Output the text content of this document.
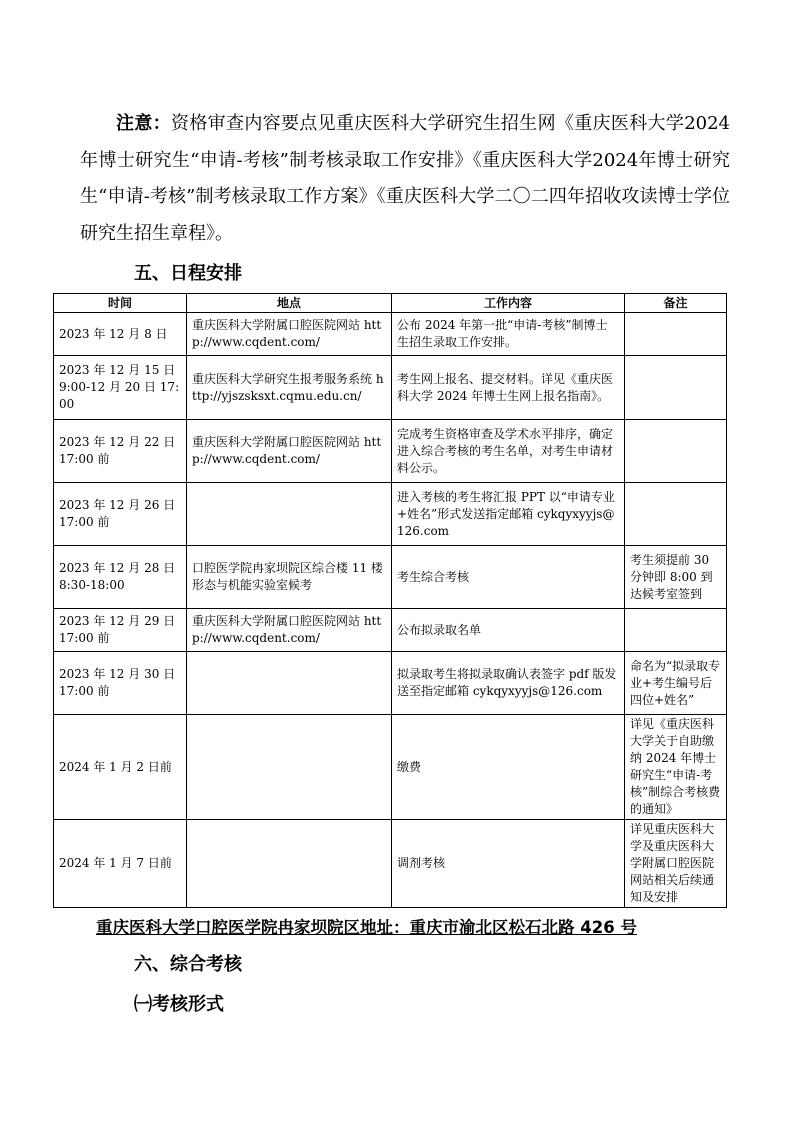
注意：资格审查内容要点见重庆医科大学研究生招生网《重庆医科大学2024年博士研究生“申请-考核”制考核录取工作安排》《重庆医科大学2024年博士研究生“申请-考核”制考核录取工作方案》《重庆医科大学二〇二四年招收攻读博士学位研究生招生章程》。

五、日程安排
时间	地点	工作内容	备注
2023 年 12 月 8 日	重庆医科大学附属口腔医院网站 http://www.cqdent.com/	公布 2024 年第一批“申请-考核”制博士生招生录取工作安排。	
2023 年 12 月 15 日 9:00-12 月 20 日 17:00	重庆医科大学研究生报考服务系统 http://yjszsksxt.cqmu.edu.cn/	考生网上报名、提交材料。详见《重庆医科大学 2024 年博士生网上报名指南》。	
2023 年 12 月 22 日 17:00 前	重庆医科大学附属口腔医院网站 http://www.cqdent.com/	完成考生资格审查及学术水平排序，确定进入综合考核的考生名单，对考生申请材料公示。	
2023 年 12 月 26 日 17:00 前		进入考核的考生将汇报 PPT 以“申请专业+姓名”形式发送指定邮箱 cykqyxyyjs@126.com	
2023 年 12 月 28 日 8:30-18:00	口腔医学院冉家坝院区综合楼 11 楼形态与机能实验室候考	考生综合考核	考生须提前 30 分钟即 8:00 到达候考室签到
2023 年 12 月 29 日 17:00 前	重庆医科大学附属口腔医院网站 http://www.cqdent.com/	公布拟录取名单	
2023 年 12 月 30 日 17:00 前		拟录取考生将拟录取确认表签字 pdf 版发送至指定邮箱 cykqyxyyjs@126.com	命名为“拟录取专业+考生编号后四位+姓名”
2024 年 1 月 2 日前		缴费	详见《重庆医科大学关于自助缴纳 2024 年博士研究生“申请-考核”制综合考核费的通知》
2024 年 1 月 7 日前		调剂考核	详见重庆医科大学及重庆医科大学附属口腔医院网站相关后续通知及安排

重庆医科大学口腔医学院冉家坝院区地址：重庆市渝北区松石北路 426 号

六、综合考核
㈠考核形式
